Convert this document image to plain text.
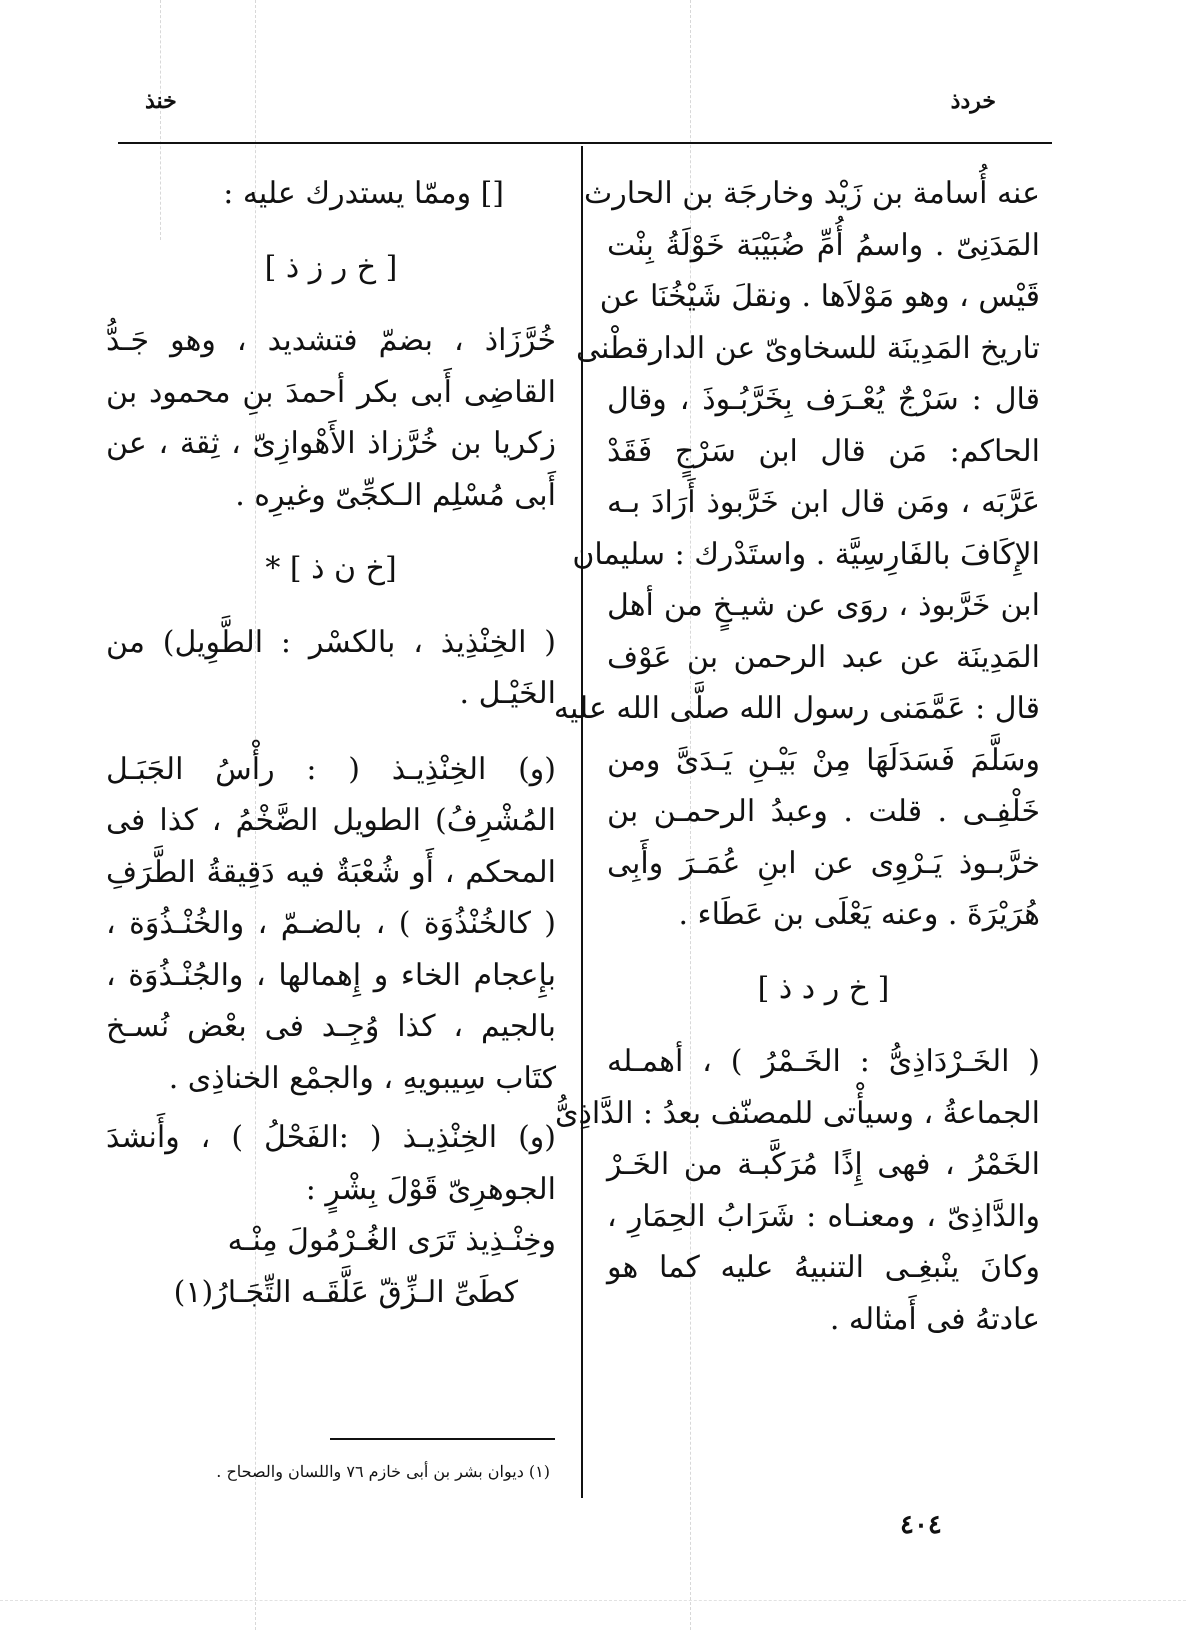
خردذ
خنذ
عنه أُسامة بن زَيْد وخارجَة بن الحارث
المَدَنِىّ . واسمُ أُمِّ ضُبَيْبَة خَوْلَةُ بِنْت
قَيْس ، وهو مَوْلاَها . ونقلَ شَيْخُنَا عن
تاريخ المَدِينَة للسخاوىّ عن الدارقطْنى
قال : سَرْجٌ يُعْـرَف بِخَرَّبُـوذَ ، وقال
الحاكم: مَن قال ابن سَرْجٍ فَقَدْ
عَرَّبَه ، ومَن قال ابن خَرَّبوذ أَرَادَ بـه
الإِكَافَ بالفَارِسِيَّة . واستَدْرك : سليمان
ابن خَرَّبوذ ، روَى عن شيـخٍ من أهل
المَدِينَة عن عبد الرحمن بن عَوْف
قال : عَمَّمَنى رسول الله صلَّى الله عليه
وسَلَّمَ فَسَدَلَهَا مِنْ بَيْـنِ يَـدَىَّ ومن
خَلْفِـى . قلت . وعبدُ الرحمـن بن
خرَّبـوذ يَـرْوِى عن ابنِ عُمَـرَ وأَبِى
هُرَيْرَةَ . وعنه يَعْلَى بن عَطَاء .

[ خ ر د ذ ]

( الخَـرْدَاذِىُّ : الخَـمْرُ ) ، أهمـله
الجماعةُ ، وسيأْتى للمصنّف بعدُ : الدَّاذِىُّ
الخَمْرُ ، فهى إِذًا مُرَكَّبـة من الخَـرْ
والدَّاذِىّ ، ومعنـاه : شَرَابُ الحِمَارِ ،
وكانَ ينْبغِـى التنبيهُ عليه كما هو
عادتهُ فى أَمثاله .
[] وممّا يستدرك عليه :

[ خ ر ز ذ ]

خُرَّزَاذ ، بضمّ فتشديد ، وهو جَـدُّ
القاضِى أَبى بكر أحمدَ بنِ محمود بن
زكريا بن خُرَّزاذ الأَهْوازِىّ ، ثِقة ، عن
أَبى مُسْلِم الـكجِّىّ وغيرِه .

[خ ن ذ ] *

( الخِنْذِيذ ، بالكسْر : الطَّوِيل) من
الخَيْـل .
(و) الخِنْذِيـذ ( : رأْسُ الجَبَـل
المُشْرِفُ) الطويل الضَّخْمُ ، كذا فى
المحكم ، أَو شُعْبَةٌ فيه دَقِيقةُ الطَّرَفِ
( كالخُنْذُوَة ) ، بالضـمّ ، والخُنْـذُوَة ،
بإِعجام الخاء و إِهمالها ، والجُنْـذُوَة ،
بالجيم ، كذا وُجِـد فى بعْض نُسـخ
كتَاب سِيبويهِ ، والجمْع الخناذِى .
(و) الخِنْذِيـذ ( :الفَحْلُ ) ، وأَنشدَ
الجوهرِىّ قَوْلَ بِشْرٍ :
وخِنْـذِيذ تَرَى الغُـرْمُولَ مِنْـه
كطَىِّ الـزِّقّ عَلَّقَـه التِّجَـارُ(١)
(١) ديوان بشر بن أبى خازم ٧٦ واللسان والصحاح .
٤٠٤
